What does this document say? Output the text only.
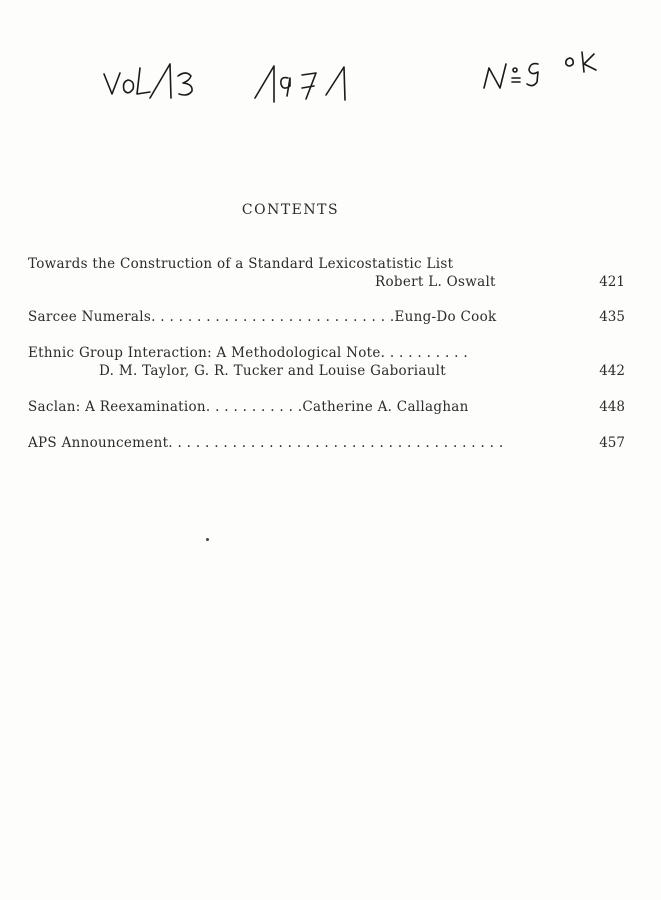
VoL 13
CONTENTS
Towards the Construction of a Standard Lexicostatistic List
Robert L. Oswalt	421
Sarcee Numerals. . . . . . . . . . . . . . . . . . . . . . . . . . .Eung-Do Cook	435
Ethnic Group Interaction: A Methodological Note. . . . . . . . . .
D. M. Taylor, G. R. Tucker and Louise Gaboriault	442
Saclan: A Reexamination. . . . . . . . . . .Catherine A. Callaghan	448
APS Announcement. . . . . . . . . . . . . . . . . . . . . . . . . . . . . . . . . . . . .	457
